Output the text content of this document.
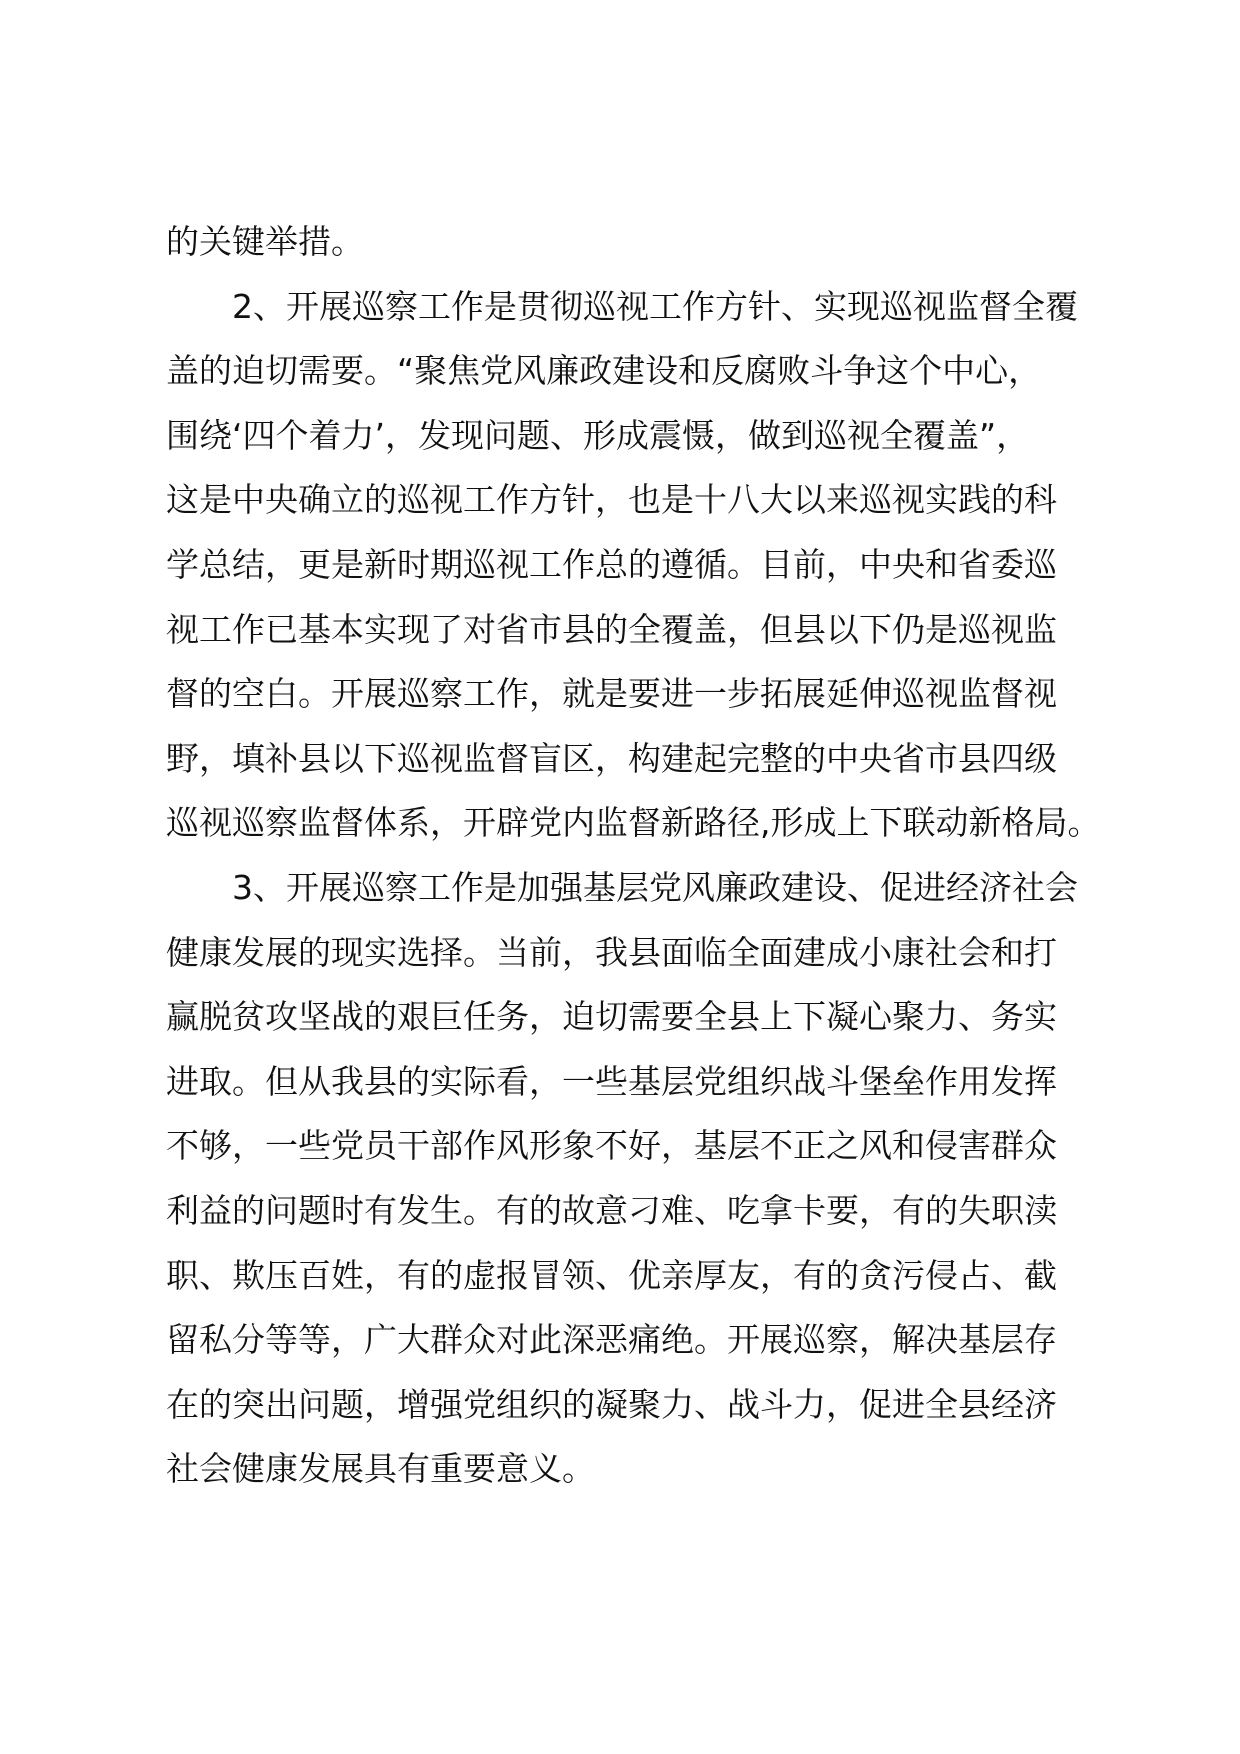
的关键举措。
2、开展巡察工作是贯彻巡视工作方针、实现巡视监督全覆
盖的迫切需要。“聚焦党风廉政建设和反腐败斗争这个中心，
围绕‘四个着力’，发现问题、形成震慑，做到巡视全覆盖”，
这是中央确立的巡视工作方针，也是十八大以来巡视实践的科
学总结，更是新时期巡视工作总的遵循。目前，中央和省委巡
视工作已基本实现了对省市县的全覆盖，但县以下仍是巡视监
督的空白。开展巡察工作，就是要进一步拓展延伸巡视监督视
野，填补县以下巡视监督盲区，构建起完整的中央省市县四级
巡视巡察监督体系，开辟党内监督新路径,形成上下联动新格局。
3、开展巡察工作是加强基层党风廉政建设、促进经济社会
健康发展的现实选择。当前，我县面临全面建成小康社会和打
赢脱贫攻坚战的艰巨任务，迫切需要全县上下凝心聚力、务实
进取。但从我县的实际看，一些基层党组织战斗堡垒作用发挥
不够，一些党员干部作风形象不好，基层不正之风和侵害群众
利益的问题时有发生。有的故意刁难、吃拿卡要，有的失职渎
职、欺压百姓，有的虚报冒领、优亲厚友，有的贪污侵占、截
留私分等等，广大群众对此深恶痛绝。开展巡察，解决基层存
在的突出问题，增强党组织的凝聚力、战斗力，促进全县经济
社会健康发展具有重要意义。
